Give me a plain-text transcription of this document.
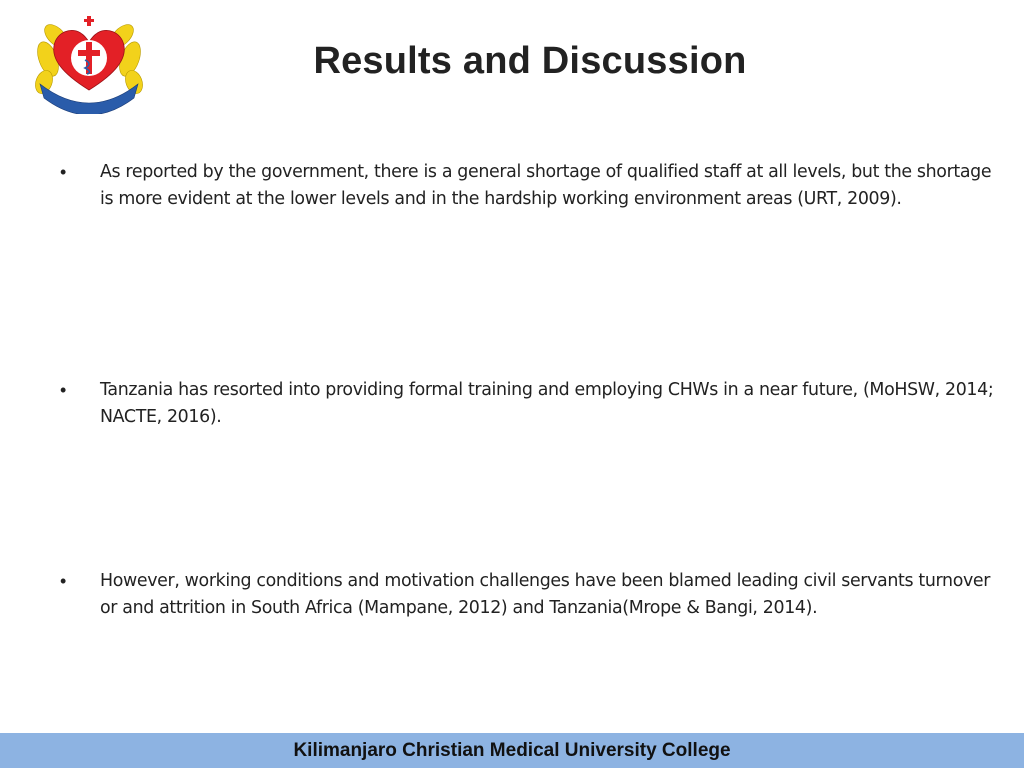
Results and Discussion
•	As reported by the government, there is a general shortage of qualified staff at all levels, but the shortage is more evident at the lower levels and in the hardship working environment areas (URT, 2009).
•	Tanzania has resorted into providing formal training and employing CHWs in a near future, (MoHSW, 2014; NACTE, 2016).
•	However, working conditions and motivation challenges have been blamed leading civil servants turnover or and attrition in South Africa (Mampane, 2012) and Tanzania(Mrope & Bangi, 2014).
Kilimanjaro Christian Medical University College
